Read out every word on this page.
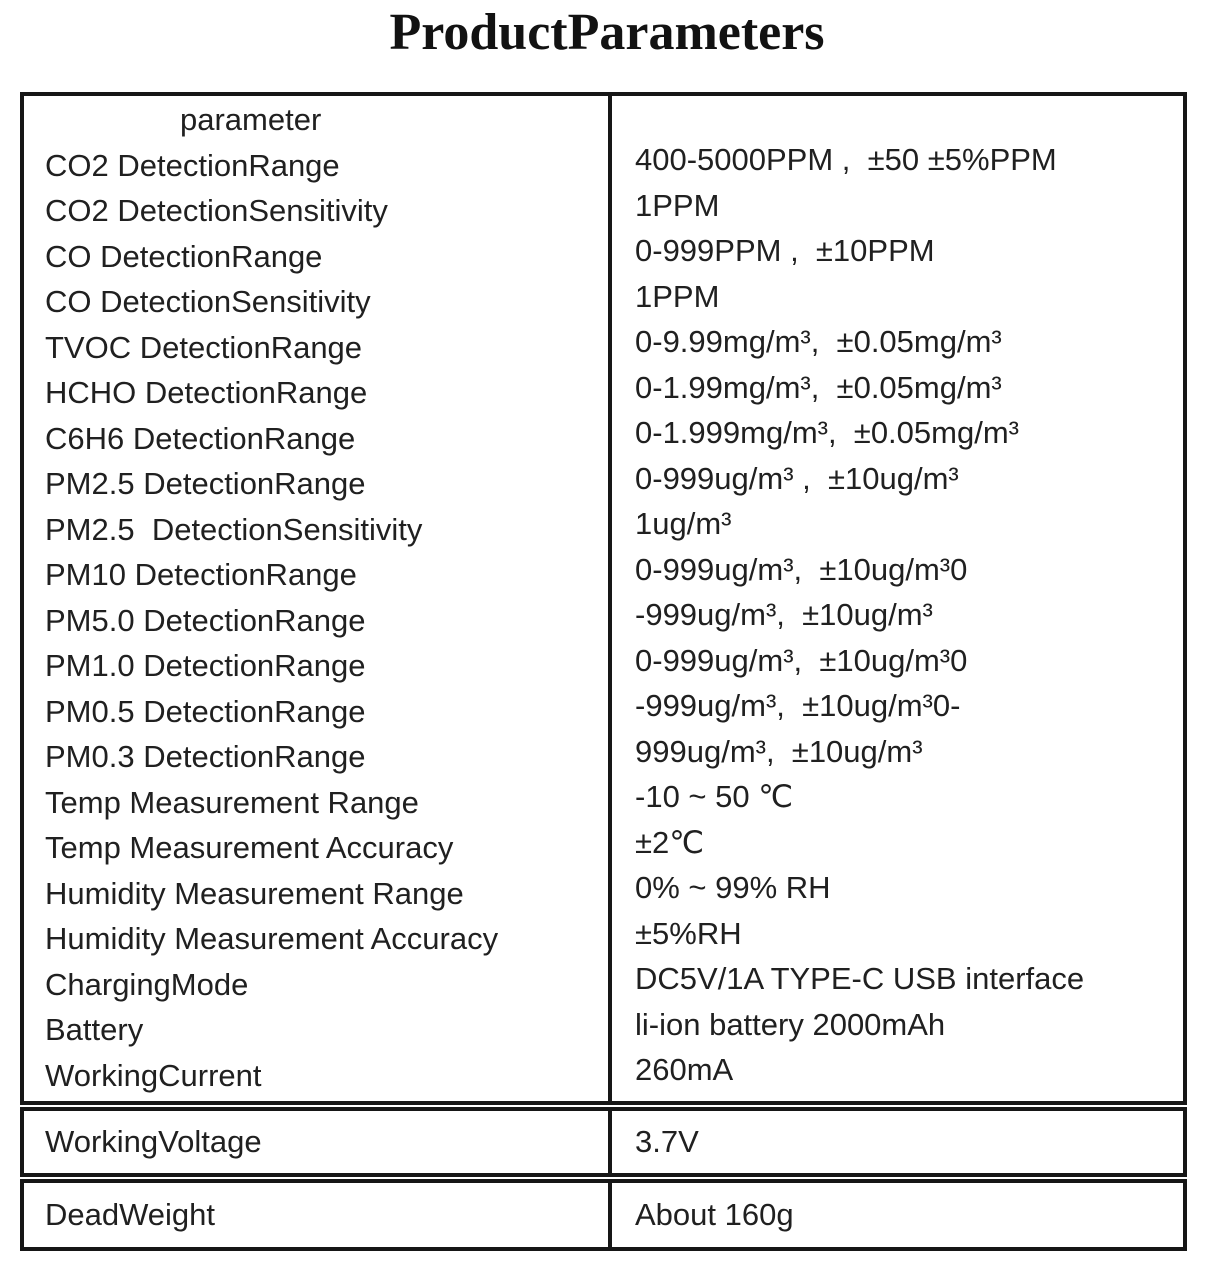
ProductParameters
parameter
CO2 DetectionRange
CO2 DetectionSensitivity
CO DetectionRange
CO DetectionSensitivity
TVOC DetectionRange
HCHO DetectionRange
C6H6 DetectionRange
PM2.5 DetectionRange
PM2.5  DetectionSensitivity
PM10 DetectionRange
PM5.0 DetectionRange
PM1.0 DetectionRange
PM0.5 DetectionRange
PM0.3 DetectionRange
Temp Measurement Range
Temp Measurement Accuracy
Humidity Measurement Range
Humidity Measurement Accuracy
ChargingMode
Battery
WorkingCurrent
400-5000PPM ,  ±50 ±5%PPM
1PPM
0-999PPM ,  ±10PPM
1PPM
0-9.99mg/m³,  ±0.05mg/m³
0-1.99mg/m³,  ±0.05mg/m³
0-1.999mg/m³,  ±0.05mg/m³
0-999ug/m³ ,  ±10ug/m³
1ug/m³
0-999ug/m³,  ±10ug/m³0
-999ug/m³,  ±10ug/m³
0-999ug/m³,  ±10ug/m³0
-999ug/m³,  ±10ug/m³0-
999ug/m³,  ±10ug/m³
-10 ~ 50 ℃
±2℃
0% ~ 99% RH
±5%RH
DC5V/1A TYPE-C USB interface
li-ion battery 2000mAh
260mA
WorkingVoltage	3.7V
DeadWeight	About 160g
